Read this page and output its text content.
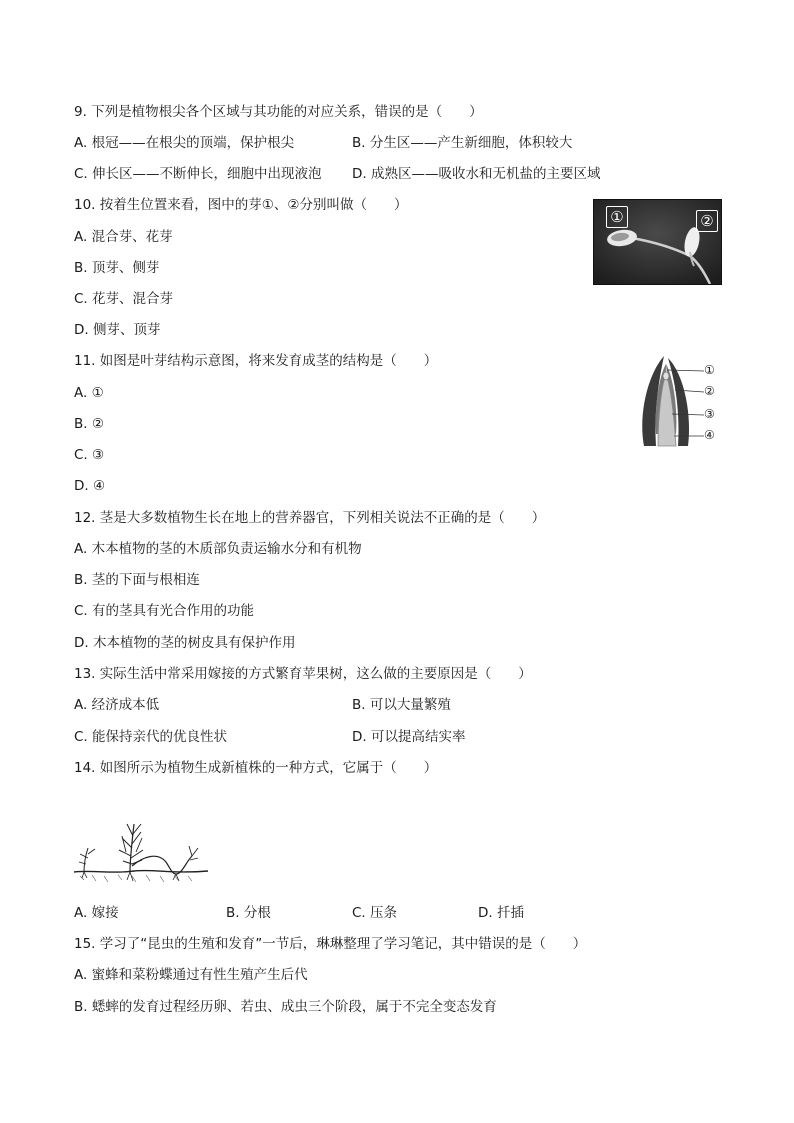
9. 下列是植物根尖各个区域与其功能的对应关系，错误的是（　　）
A. 根冠——在根尖的顶端，保护根尖	B. 分生区——产生新细胞，体积较大
C. 伸长区——不断伸长，细胞中出现液泡 D. 成熟区——吸收水和无机盐的主要区域
10. 按着生位置来看，图中的芽①、②分别叫做（　　）
A. 混合芽、花芽
B. 顶芽、侧芽
C. 花芽、混合芽
D. 侧芽、顶芽
①	②
11. 如图是叶芽结构示意图，将来发育成茎的结构是（　　）
A. ①
B. ②
C. ③
D. ④
①
②
③
④
12. 茎是大多数植物生长在地上的营养器官，下列相关说法不正确的是（　　）
A. 木本植物的茎的木质部负责运输水分和有机物
B. 茎的下面与根相连
C. 有的茎具有光合作用的功能
D. 木本植物的茎的树皮具有保护作用
13. 实际生活中常采用嫁接的方式繁育苹果树，这么做的主要原因是（　　）
A. 经济成本低	B. 可以大量繁殖
C. 能保持亲代的优良性状	D. 可以提高结实率
14. 如图所示为植物生成新植株的一种方式，它属于（　　）
A. 嫁接	B. 分根	C. 压条	D. 扦插
15. 学习了“昆虫的生殖和发育”一节后，琳琳整理了学习笔记，其中错误的是（　　）
A. 蜜蜂和菜粉蝶通过有性生殖产生后代
B. 蟋蟀的发育过程经历卵、若虫、成虫三个阶段，属于不完全变态发育
